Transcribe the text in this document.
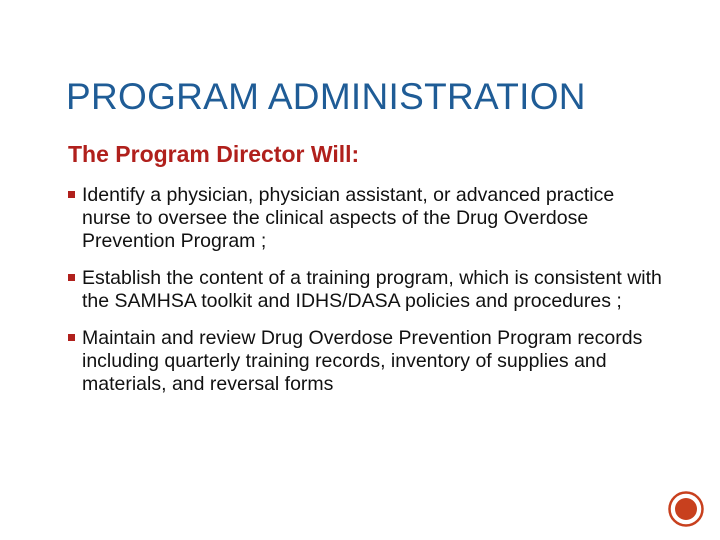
PROGRAM ADMINISTRATION
The Program Director Will:
Identify a physician, physician assistant, or advanced practice nurse to oversee the clinical aspects of the Drug Overdose Prevention Program ;
Establish the content of a training program, which is consistent with the SAMHSA toolkit and IDHS/DASA policies and procedures ;
Maintain and review Drug Overdose Prevention Program records including quarterly training records, inventory of supplies and materials, and reversal forms
